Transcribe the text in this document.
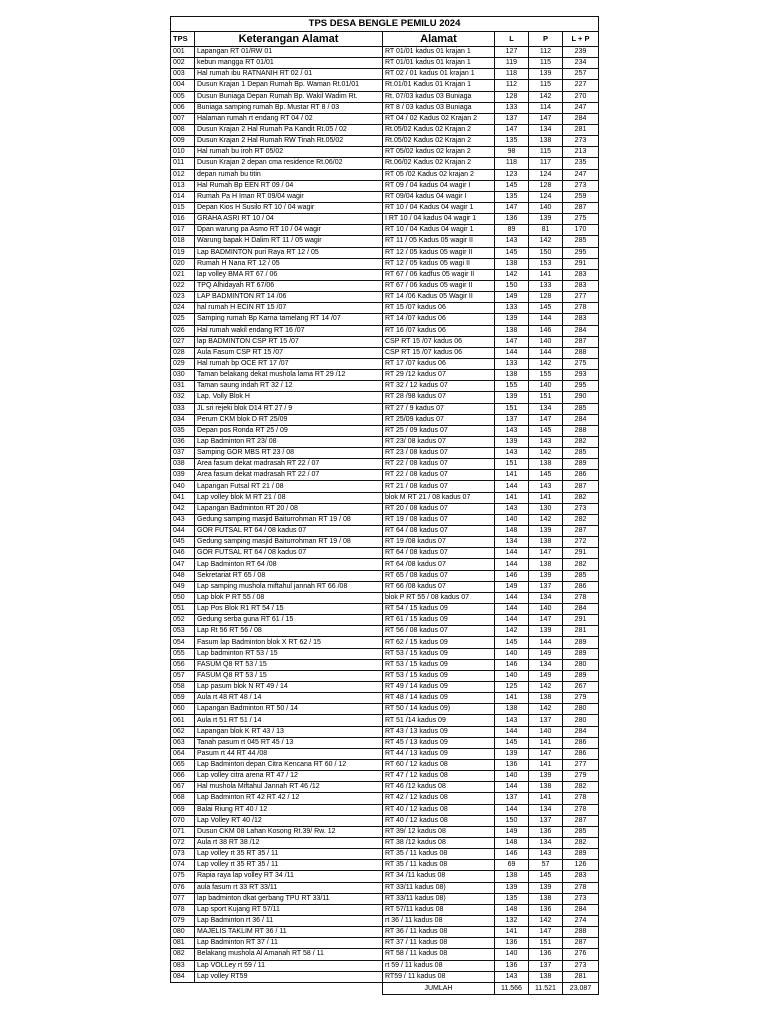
TPS DESA BENGLE PEMILU 2024					
TPS	Keterangan Alamat	Alamat	L	P	L + P
001	Lapangan RT 01/RW 01	RT 01/01 kadus 01 krajan 1	127	112	239
002	kebun mangga RT 01/01	RT 01/01 kadus 01 krajan 1	119	115	234
003	Hal rumah ibu RATNANIH RT 02 / 01	RT 02 / 01 kadus 01 krajan 1	118	139	257
004	Dusun Krajan 1 Depan Rumah Bp. Waman Rt.01/01	Rt.01/01 Kadus 01 Krajan 1	112	115	227
005	Dusun Buniaga Depan Rumah Bp. Wakil Wadim Rt.	Rt. 07/03 kadus 03 Buniaga	128	142	270
006	Buniaga samping rumah Bp. Mustar RT 8 / 03	RT 8 / 03 kadus 03 Buniaga	133	114	247
007	Halaman rumah rt endang RT 04 / 02	RT 04 / 02 Kadus 02 Krajan 2	137	147	284
008	Dusun Krajan 2 Hal Rumah Pa Kandit Rt.05 / 02	Rt.05/02 Kadus 02 Krajan 2	147	134	281
009	Dusun Krajan 2 Hal Rumah RW Tinah Rt.05/02	Rt.05/02 Kadus 02 Krajan 2	135	138	273
010	Hal rumah bu iroh RT 05/02	RT 05/02 kadus 02 krajan 2	98	115	213
011	Dusun Krajan 2 depan cma residence Rt.06/02	Rt.06/02 Kadus 02 Krajan 2	118	117	235
012	depan rumah bu titin	RT 05 /02 Kadus 02 krajan 2	123	124	247
013	Hal Rumah Bp EEN RT 09 / 04	RT 09 / 04 kadus 04 wagir I	145	128	273
014	Rumah Pa H Iman RT 09/04 wagir	RT 09/04 kadus 04 wagir I	135	124	259
015	Depan Kios H Susilo RT 10 / 04 wagir	RT 10 / 04 Kadus 04 wagir 1	147	140	287
016	GRAHA ASRI RT 10 / 04	I RT 10 / 04 kadus 04 wagir 1	136	139	275
017	Dpan warung pa Asmo RT 10 / 04 wagir	RT 10 / 04 Kadus 04 wagir 1	89	81	170
018	Warung bapak H Dalim RT 11 / 05 wagir	RT 11 / 05 Kadus 05 wagir II	143	142	285
019	Lap BADMINTON puri Raya RT 12 / 05	RT 12 / 05 kadus 05 wagir II	145	150	295
020	Rumah H Nana RT 12 / 05	RT 12 / 05 kadus 05 wagi II	138	153	291
021	lap volley BMA RT 67 / 06	RT 67 / 06 kadfus 05 wagir II	142	141	283
022	TPQ Alhidayah RT 67/06	RT 67 / 06 kadus 05 wagir II	150	133	283
023	LAP BADMINTON RT 14 /06	RT 14 /06 Kadus 05 Wagir II	149	128	277
024	hal rumah H ECIN RT 15 /07	RT 15 /07 kadus 06	133	145	278
025	Samping rumah Bp Karna tamelang RT 14 /07	RT 14 /07 kadus 06	139	144	283
026	Hal rumah wakil endang RT 16 /07	RT 16 /07 kadus 06	138	146	284
027	lap BADMINTON CSP RT 15 /07	CSP RT 15 /07 kadus 06	147	140	287
028	Aula Fasum CSP RT 15 /07	CSP RT 15 /07 kadus 06	144	144	288
029	Hal rumah bp OCE RT 17 /07	RT 17 /07 kadus 06	133	142	275
030	Taman belakang dekat mushola lama RT 29 /12	RT 29 /12 kadus 07	138	155	293
031	Taman saung indah RT 32 / 12	RT 32 / 12 kadus 07	155	140	295
032	Lap. Volly Blok H	RT 28 /98 kadus 07	139	151	290
033	JL sri rejeki blok D14 RT 27 / 9	RT 27 / 9 kadus 07	151	134	285
034	Perum CKM blok D RT 25/09	RT 25/09 kadus 07	137	147	284
035	Depan pos Ronda RT 25 / 09	RT 25 / 09 kadus 07	143	145	288
036	Lap Badminton RT 23/ 08	RT 23/ 08 kadus 07	139	143	282
037	Samping GOR MBS RT 23 / 08	RT 23 / 08 kadus 07	143	142	285
038	Area fasum dekat madrasah RT 22 / 07	RT 22 / 08 kadus 07	151	138	289
039	Area fasum dekat madrasah RT 22 / 07	RT 22 / 08 kadus 07	141	145	286
040	Lapangan Futsal RT 21 / 08	RT 21 / 08 kadus 07	144	143	287
041	Lap volley blok M RT 21 / 08	blok M RT 21 / 08 kadus 07	141	141	282
042	Lapangan Badminton RT 20 / 08	RT 20 / 08 kadus 07	143	130	273
043	Gedung samping masjid Baiturrohman RT 19 / 08	RT 19 / 08 kadus 07	140	142	282
044	GOR FUTSAL RT 64 / 08 kadus 07	RT 64 / 08 kadus 07	148	139	287
045	Gedung samping masjid Baiturrohman RT 19 / 08	RT 19 /08 kadus 07	134	138	272
046	GOR FUTSAL RT 64 / 08 kadus 07	RT 64 / 08 kadus 07	144	147	291
047	Lap Badminton RT 64 /08	RT 64 /08 kadus 07	144	138	282
048	Sekretariat RT 65 / 08	RT 65 / 08 kadus 07	146	139	285
049	Lap samping mushola miftahul jannah RT 66 /08	RT 66 /08 kadus 07	149	137	286
050	Lap blok P RT 55 / 08	blok P RT 55 / 08 kadus 07	144	134	278
051	Lap Pos Blok R1 RT 54 / 15	RT 54 / 15 kadus 09	144	140	284
052	Gedung serba guna RT 61 / 15	RT 61 / 15 kadus 09	144	147	291
053	Lap Rt 56 RT 56 / 08	RT 56 / 08 kadus 07	142	139	281
054	Fasum lap Badminton blok X RT 62 / 15	RT 62 / 15 kadus 09	145	144	289
055	Lap badminton RT 53 / 15	RT 53 / 15 kadus 09	140	149	289
056	FASUM Q8 RT 53 / 15	RT 53 / 15 kadus 09	146	134	280
057	FASUM Q8 RT 53 / 15	RT 53 / 15 kadus 09	140	149	289
058	Lap pasum blok N RT 49 / 14	RT 49 / 14 kadus 09	125	142	267
059	Aula rt 48 RT 48 / 14	RT 48 / 14 kadus 09	141	138	279
060	Lapangan Badminton RT 50 / 14	RT 50 / 14 kadus 09)	138	142	280
061	Aula rt 51 RT 51 / 14	RT 51 /14 kadus 09	143	137	280
062	Lapangan blok K RT 43 / 13	RT 43 / 13 kadus 09	144	140	284
063	Tanah pasum rt 045 RT 45 / 13	RT 45 / 13 kadus 09	145	141	286
064	Pasum rt 44 RT 44 /08	RT 44 / 13 kadus 09	139	147	286
065	Lap Badminton depan Citra Kencana RT 60 / 12	RT 60 / 12 kadus 08	136	141	277
066	Lap volley citra arena RT 47 / 12	RT 47 / 12 kadus 08	140	139	279
067	Hal mushola Miftahul Jannah RT 46 /12	RT 46 /12 kadus 08	144	138	282
068	Lap Badminton RT 42 RT 42 / 12	RT 42 / 12 kadus 08	137	141	278
069	Balai Riung RT 40 / 12	RT 40 / 12 kadus 08	144	134	278
070	Lap Volley RT 40 /12	RT 40 / 12 kadus 08	150	137	287
071	Dusun CKM 08 Lahan Kosong Rt.39/ Rw. 12	RT 39/ 12 kadus 08	149	136	285
072	Aula rt 38 RT 38 /12	RT 38 /12 kadus 08	148	134	282
073	Lap volley rt 35 RT 35 / 11	RT 35 / 11 kadus 08	146	143	289
074	Lap volley rt 35 RT 35 / 11	RT 35 / 11 kadus 08	69	57	126
075	Rapia raya lap volley RT 34 /11	RT 34 /11 kadus 08	138	145	283
076	aula fasum rt 33 RT 33/11	RT 33/11 kadus 08)	139	139	278
077	lap badminton dkat gerbang TPU RT 33/11	RT 33/11 kadus 08)	135	138	273
078	Lap sport Kujang RT 57/11	RT 57/11 kadus 08	148	136	284
079	Lap Badminton rt 36 / 11	rt 36 / 11 kadus 08	132	142	274
080	MAJELIS TAKLIM RT 36 / 11	RT 36 / 11 kadus 08	141	147	288
081	Lap Badminton RT 37 / 11	RT 37 / 11 kadus 08	136	151	287
082	Belakang mushola Al Amanah RT 58 / 11	RT 58 / 11 kadus 08	140	136	276
083	Lap VOLLey rt 59 / 11	rt 59 / 11 kadus 08	136	137	273
084	Lap volley RT59	RT59 / 11 kadus 08	143	138	281
		JUMLAH	11.566	11.521	23.087
